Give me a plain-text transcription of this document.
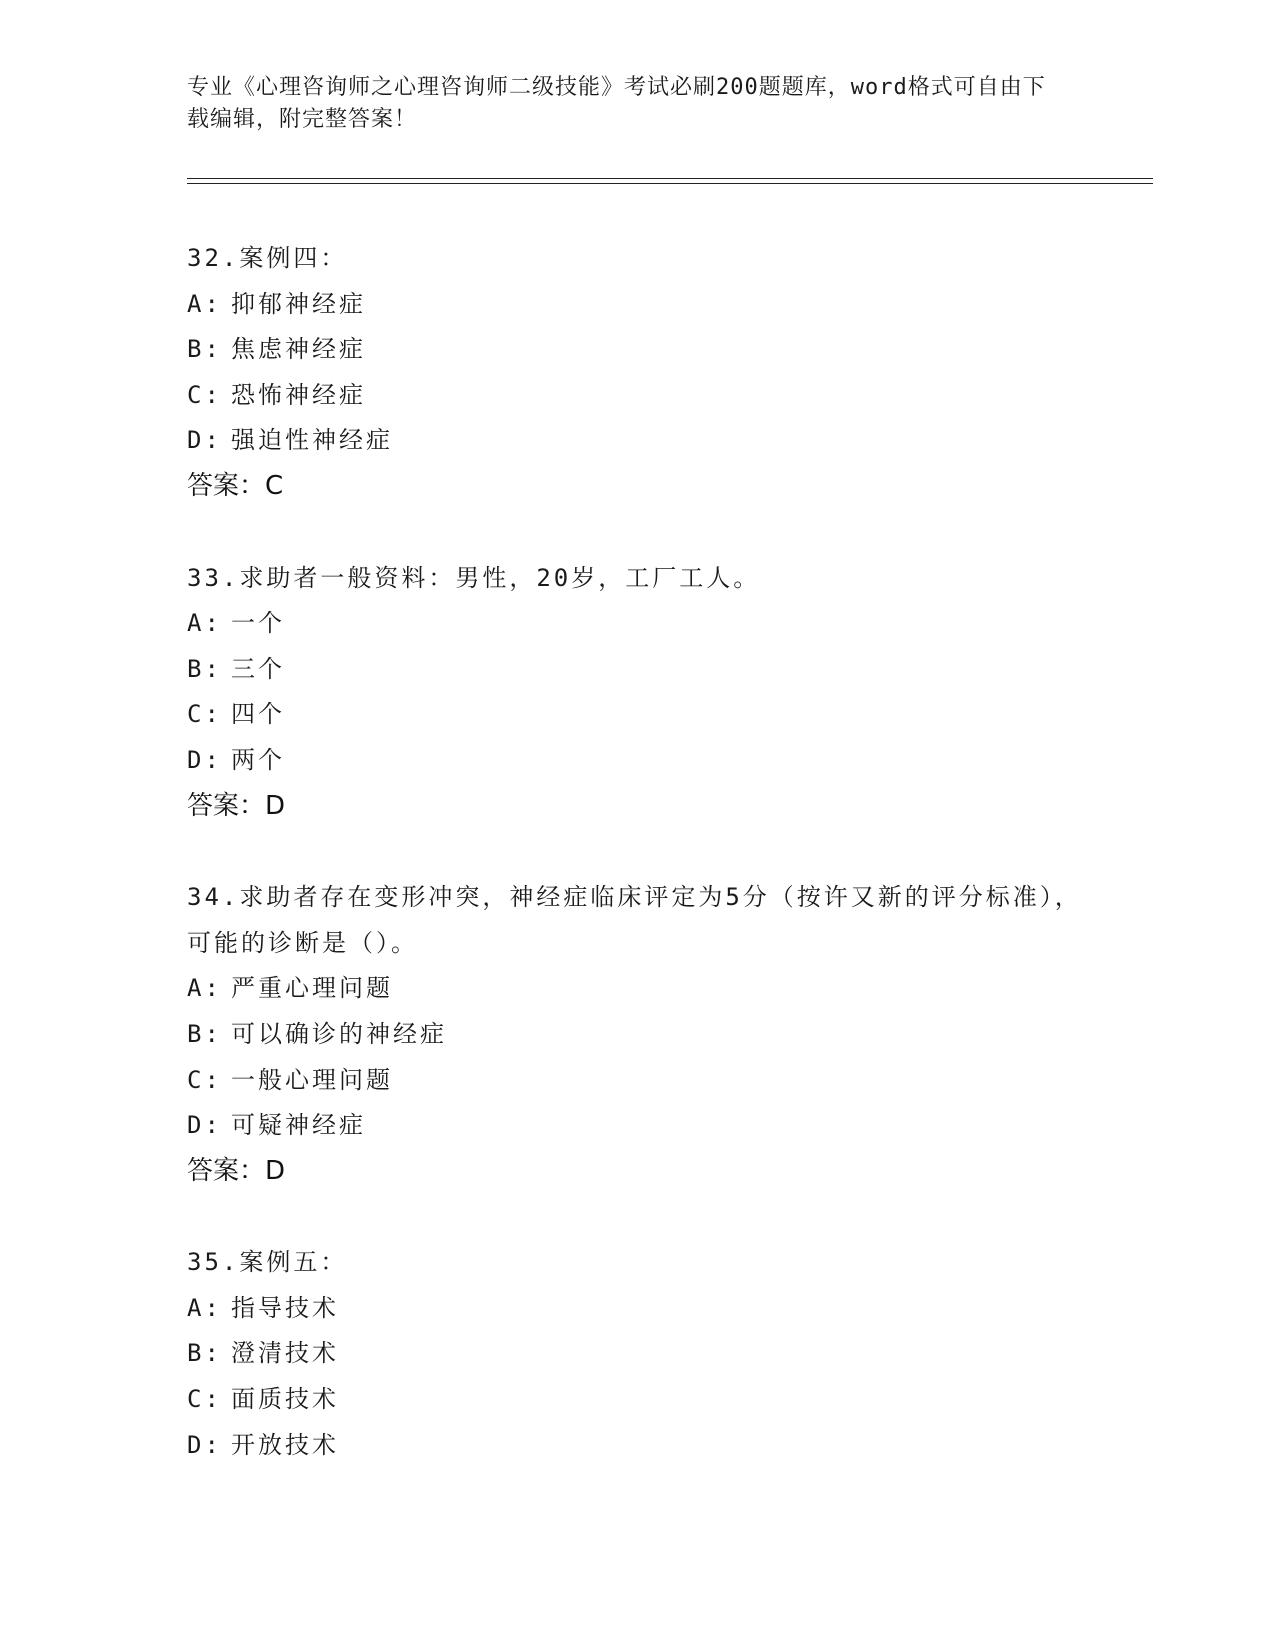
专业《心理咨询师之心理咨询师二级技能》考试必刷200题题库，word格式可自由下载编辑，附完整答案！

32.案例四：

A: 抑郁神经症
B: 焦虑神经症
C: 恐怖神经症
D: 强迫性神经症
答案：C

33.求助者一般资料：男性，20岁，工厂工人。

A: 一个
B: 三个
C: 四个
D: 两个
答案：D

34.求助者存在变形冲突，神经症临床评定为5分（按许又新的评分标准），可能的诊断是（）。

A: 严重心理问题
B: 可以确诊的神经症
C: 一般心理问题
D: 可疑神经症
答案：D

35.案例五：

A: 指导技术
B: 澄清技术
C: 面质技术
D: 开放技术
